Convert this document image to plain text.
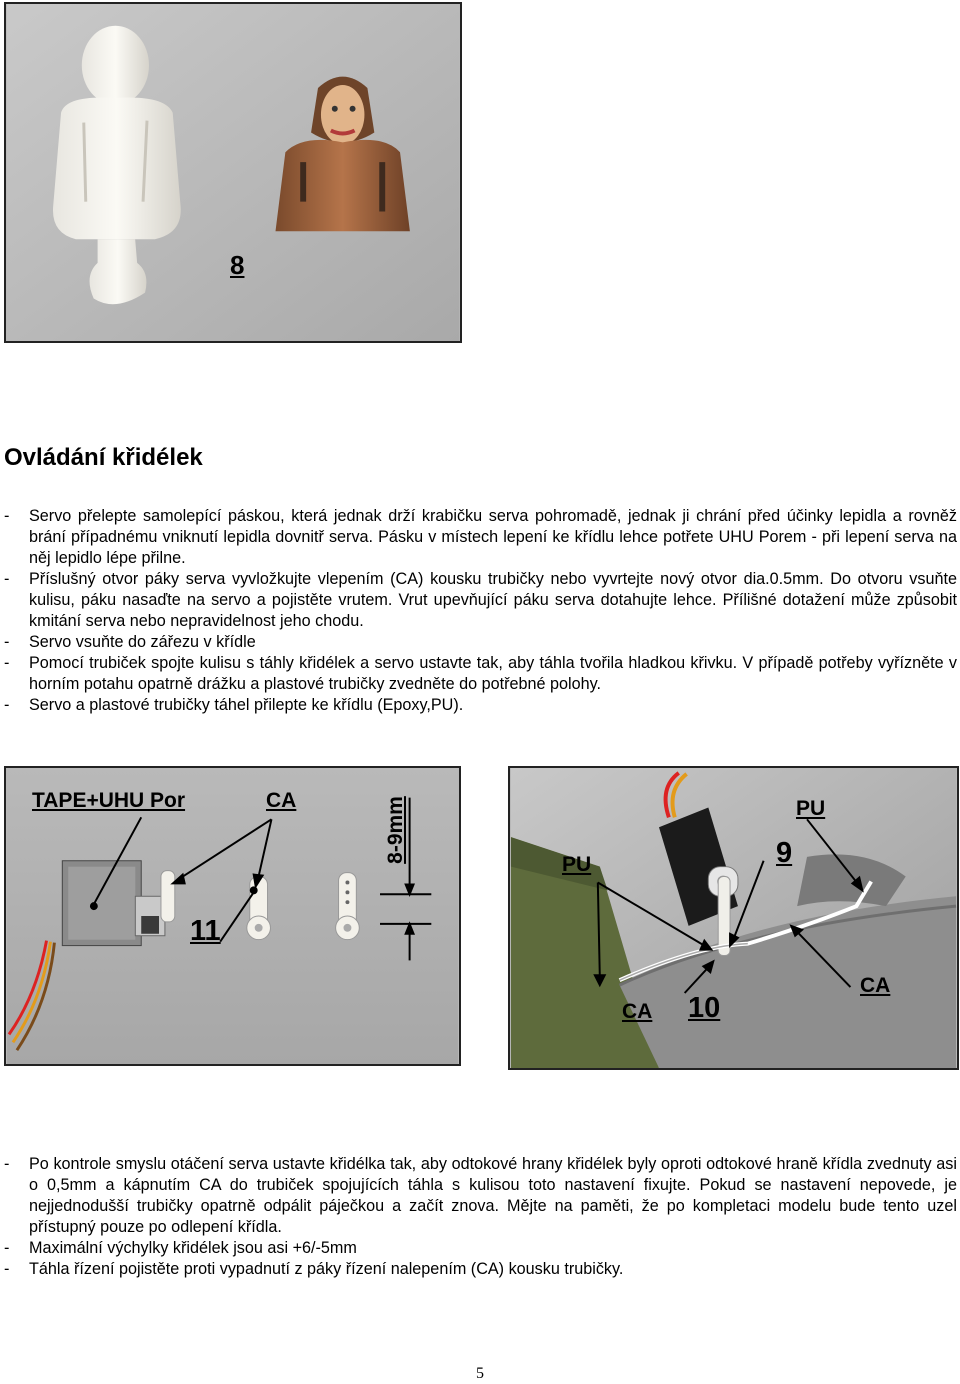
8
Ovládání křidélek
- Servo přelepte samolepící páskou, která jednak drží krabičku serva pohromadě, jednak ji chrání před účinky lepidla a rovněž brání případnému vniknutí lepidla dovnitř serva. Pásku v místech lepení ke křídlu lehce potřete UHU Porem - při lepení serva na něj lepidlo lépe přilne.
- Příslušný otvor páky serva vyvložkujte vlepením (CA) kousku trubičky nebo vyvrtejte nový otvor dia.0.5mm. Do otvoru vsuňte kulisu, páku nasaďte na servo a pojistěte vrutem. Vrut upevňující páku serva dotahujte lehce. Přílišné dotažení může způsobit kmitání serva nebo nepravidelnost jeho chodu.
- Servo vsuňte do zářezu v křídle
- Pomocí trubiček spojte kulisu s táhly křidélek a servo ustavte tak, aby táhla tvořila hladkou křivku. V případě potřeby vyřízněte v horním potahu opatrně drážku a plastové trubičky zvedněte do potřebné polohy.
- Servo a plastové trubičky táhel přilepte ke křídlu (Epoxy,PU).
TAPE+UHU Por	CA
11
8-9mm	PU
PU	9
CA 10
CA
- Po kontrole smyslu otáčení serva ustavte křidélka tak, aby odtokové hrany křidélek byly oproti odtokové hraně křídla zvednuty asi o 0,5mm a kápnutím CA do trubiček spojujících táhla s kulisou toto nastavení fixujte. Pokud se nastavení nepovede, je nejjednodušší trubičky opatrně odpálit páječkou a začít znova. Mějte na paměti, že po kompletaci modelu bude tento uzel přístupný pouze po odlepení křídla.
- Maximální výchylky křidélek jsou asi +6/-5mm
- Táhla řízení pojistěte proti vypadnutí z páky řízení nalepením (CA) kousku trubičky.
5
